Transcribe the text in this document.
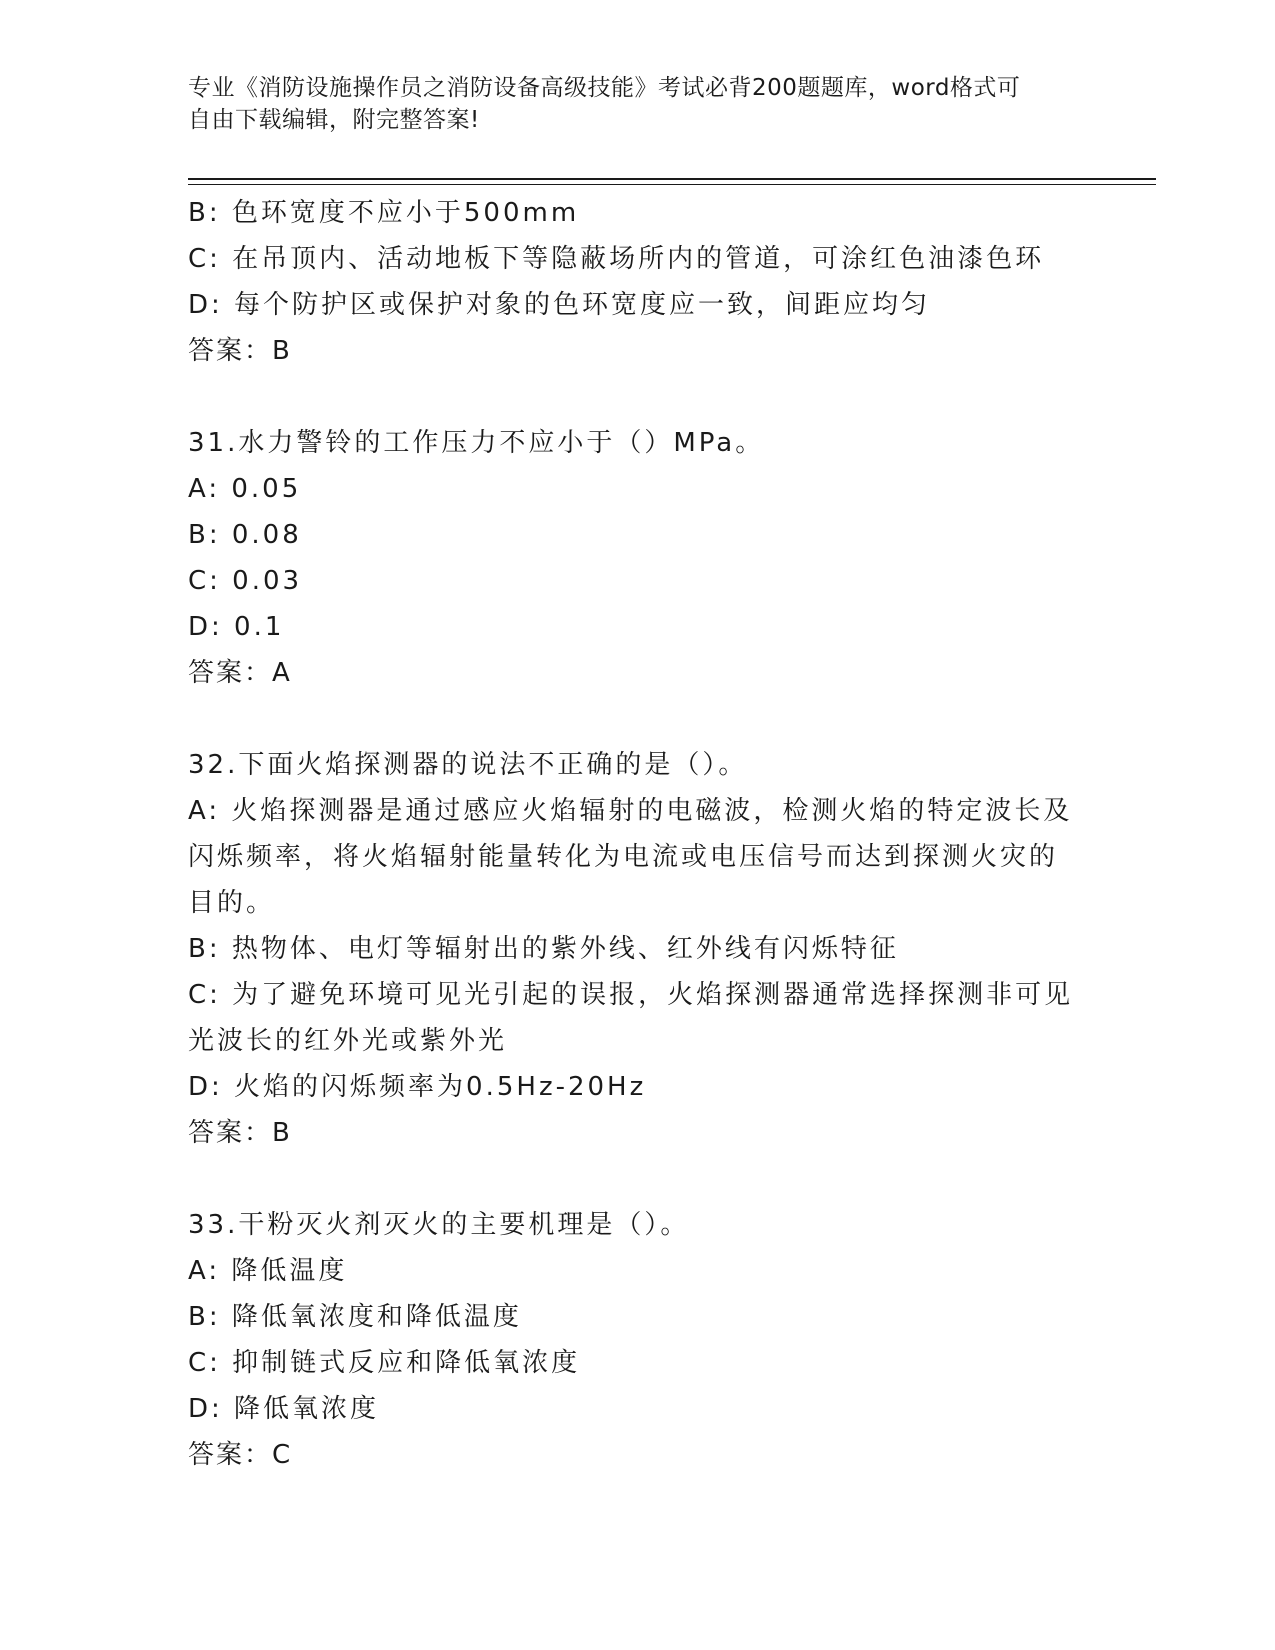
专业《消防设施操作员之消防设备高级技能》考试必背200题题库，word格式可
自由下载编辑，附完整答案!
B: 色环宽度不应小于500mm
C: 在吊顶内、活动地板下等隐蔽场所内的管道，可涂红色油漆色环
D: 每个防护区或保护对象的色环宽度应一致，间距应均匀
答案：B
31.水力警铃的工作压力不应小于（）MPa。
A: 0.05
B: 0.08
C: 0.03
D: 0.1
答案：A
32.下面火焰探测器的说法不正确的是（）。
A: 火焰探测器是通过感应火焰辐射的电磁波，检测火焰的特定波长及
闪烁频率，将火焰辐射能量转化为电流或电压信号而达到探测火灾的
目的。
B: 热物体、电灯等辐射出的紫外线、红外线有闪烁特征
C: 为了避免环境可见光引起的误报，火焰探测器通常选择探测非可见
光波长的红外光或紫外光
D: 火焰的闪烁频率为0.5Hz-20Hz
答案：B
33.干粉灭火剂灭火的主要机理是（）。
A: 降低温度
B: 降低氧浓度和降低温度
C: 抑制链式反应和降低氧浓度
D: 降低氧浓度
答案：C
